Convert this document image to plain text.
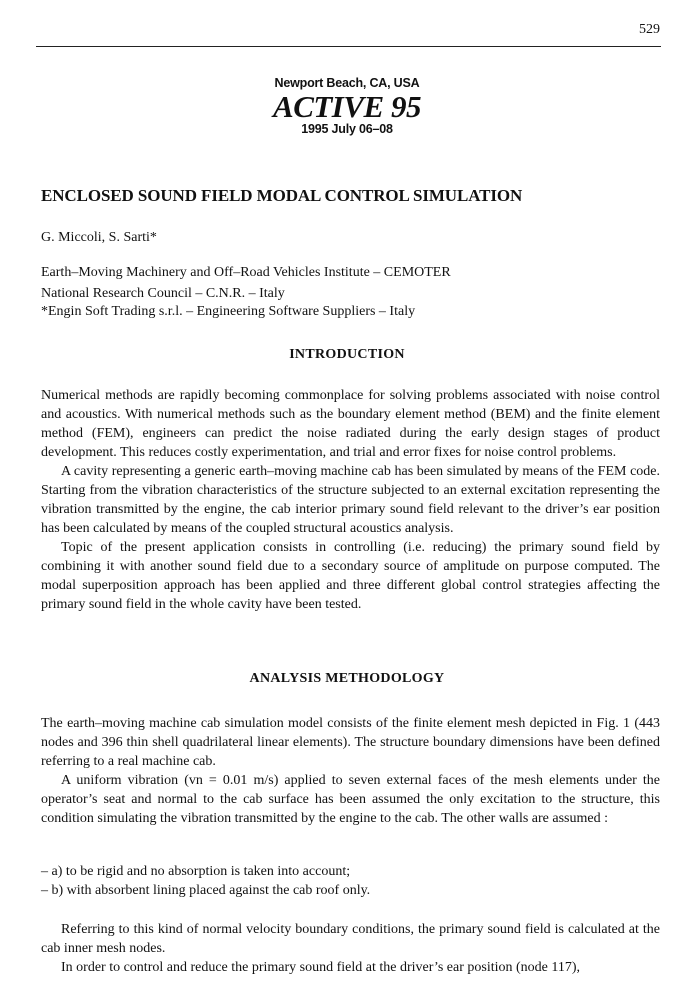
529
Newport Beach, CA, USA
ACTIVE 95
1995 July 06–08
ENCLOSED SOUND FIELD MODAL CONTROL SIMULATION
G. Miccoli, S. Sarti*
Earth–Moving Machinery and Off–Road Vehicles Institute – CEMOTER
National Research Council – C.N.R. – Italy
*Engin Soft Trading s.r.l. – Engineering Software Suppliers – Italy
INTRODUCTION

Numerical methods are rapidly becoming commonplace for solving problems associated with noise control and acoustics. With numerical methods such as the boundary element method (BEM) and the finite element method (FEM), engineers can predict the noise radiated during the early design stages of product development. This reduces costly experimentation, and trial and error fixes for noise control problems.

A cavity representing a generic earth–moving machine cab has been simulated by means of the FEM code. Starting from the vibration characteristics of the structure subjected to an external excitation representing the vibration transmitted by the engine, the cab interior primary sound field relevant to the driver’s ear position has been calculated by means of the coupled structural acoustics analysis.

Topic of the present application consists in controlling (i.e. reducing) the primary sound field by combining it with another sound field due to a secondary source of amplitude on purpose computed. The modal superposition approach has been applied and three different global control strategies affecting the primary sound field in the whole cavity have been tested.

ANALYSIS METHODOLOGY

The earth–moving machine cab simulation model consists of the finite element mesh depicted in Fig. 1 (443 nodes and 396 thin shell quadrilateral linear elements). The structure boundary dimensions have been defined referring to a real machine cab.

A uniform vibration (vn = 0.01 m/s) applied to seven external faces of the mesh elements under the operator’s seat and normal to the cab surface has been assumed the only excitation to the structure, this condition simulating the vibration transmitted by the engine to the cab. The other walls are assumed :

– a) to be rigid and no absorption is taken into account;
– b) with absorbent lining placed against the cab roof only.

Referring to this kind of normal velocity boundary conditions, the primary sound field is calculated at the cab inner mesh nodes.

In order to control and reduce the primary sound field at the driver’s ear position (node 117),
